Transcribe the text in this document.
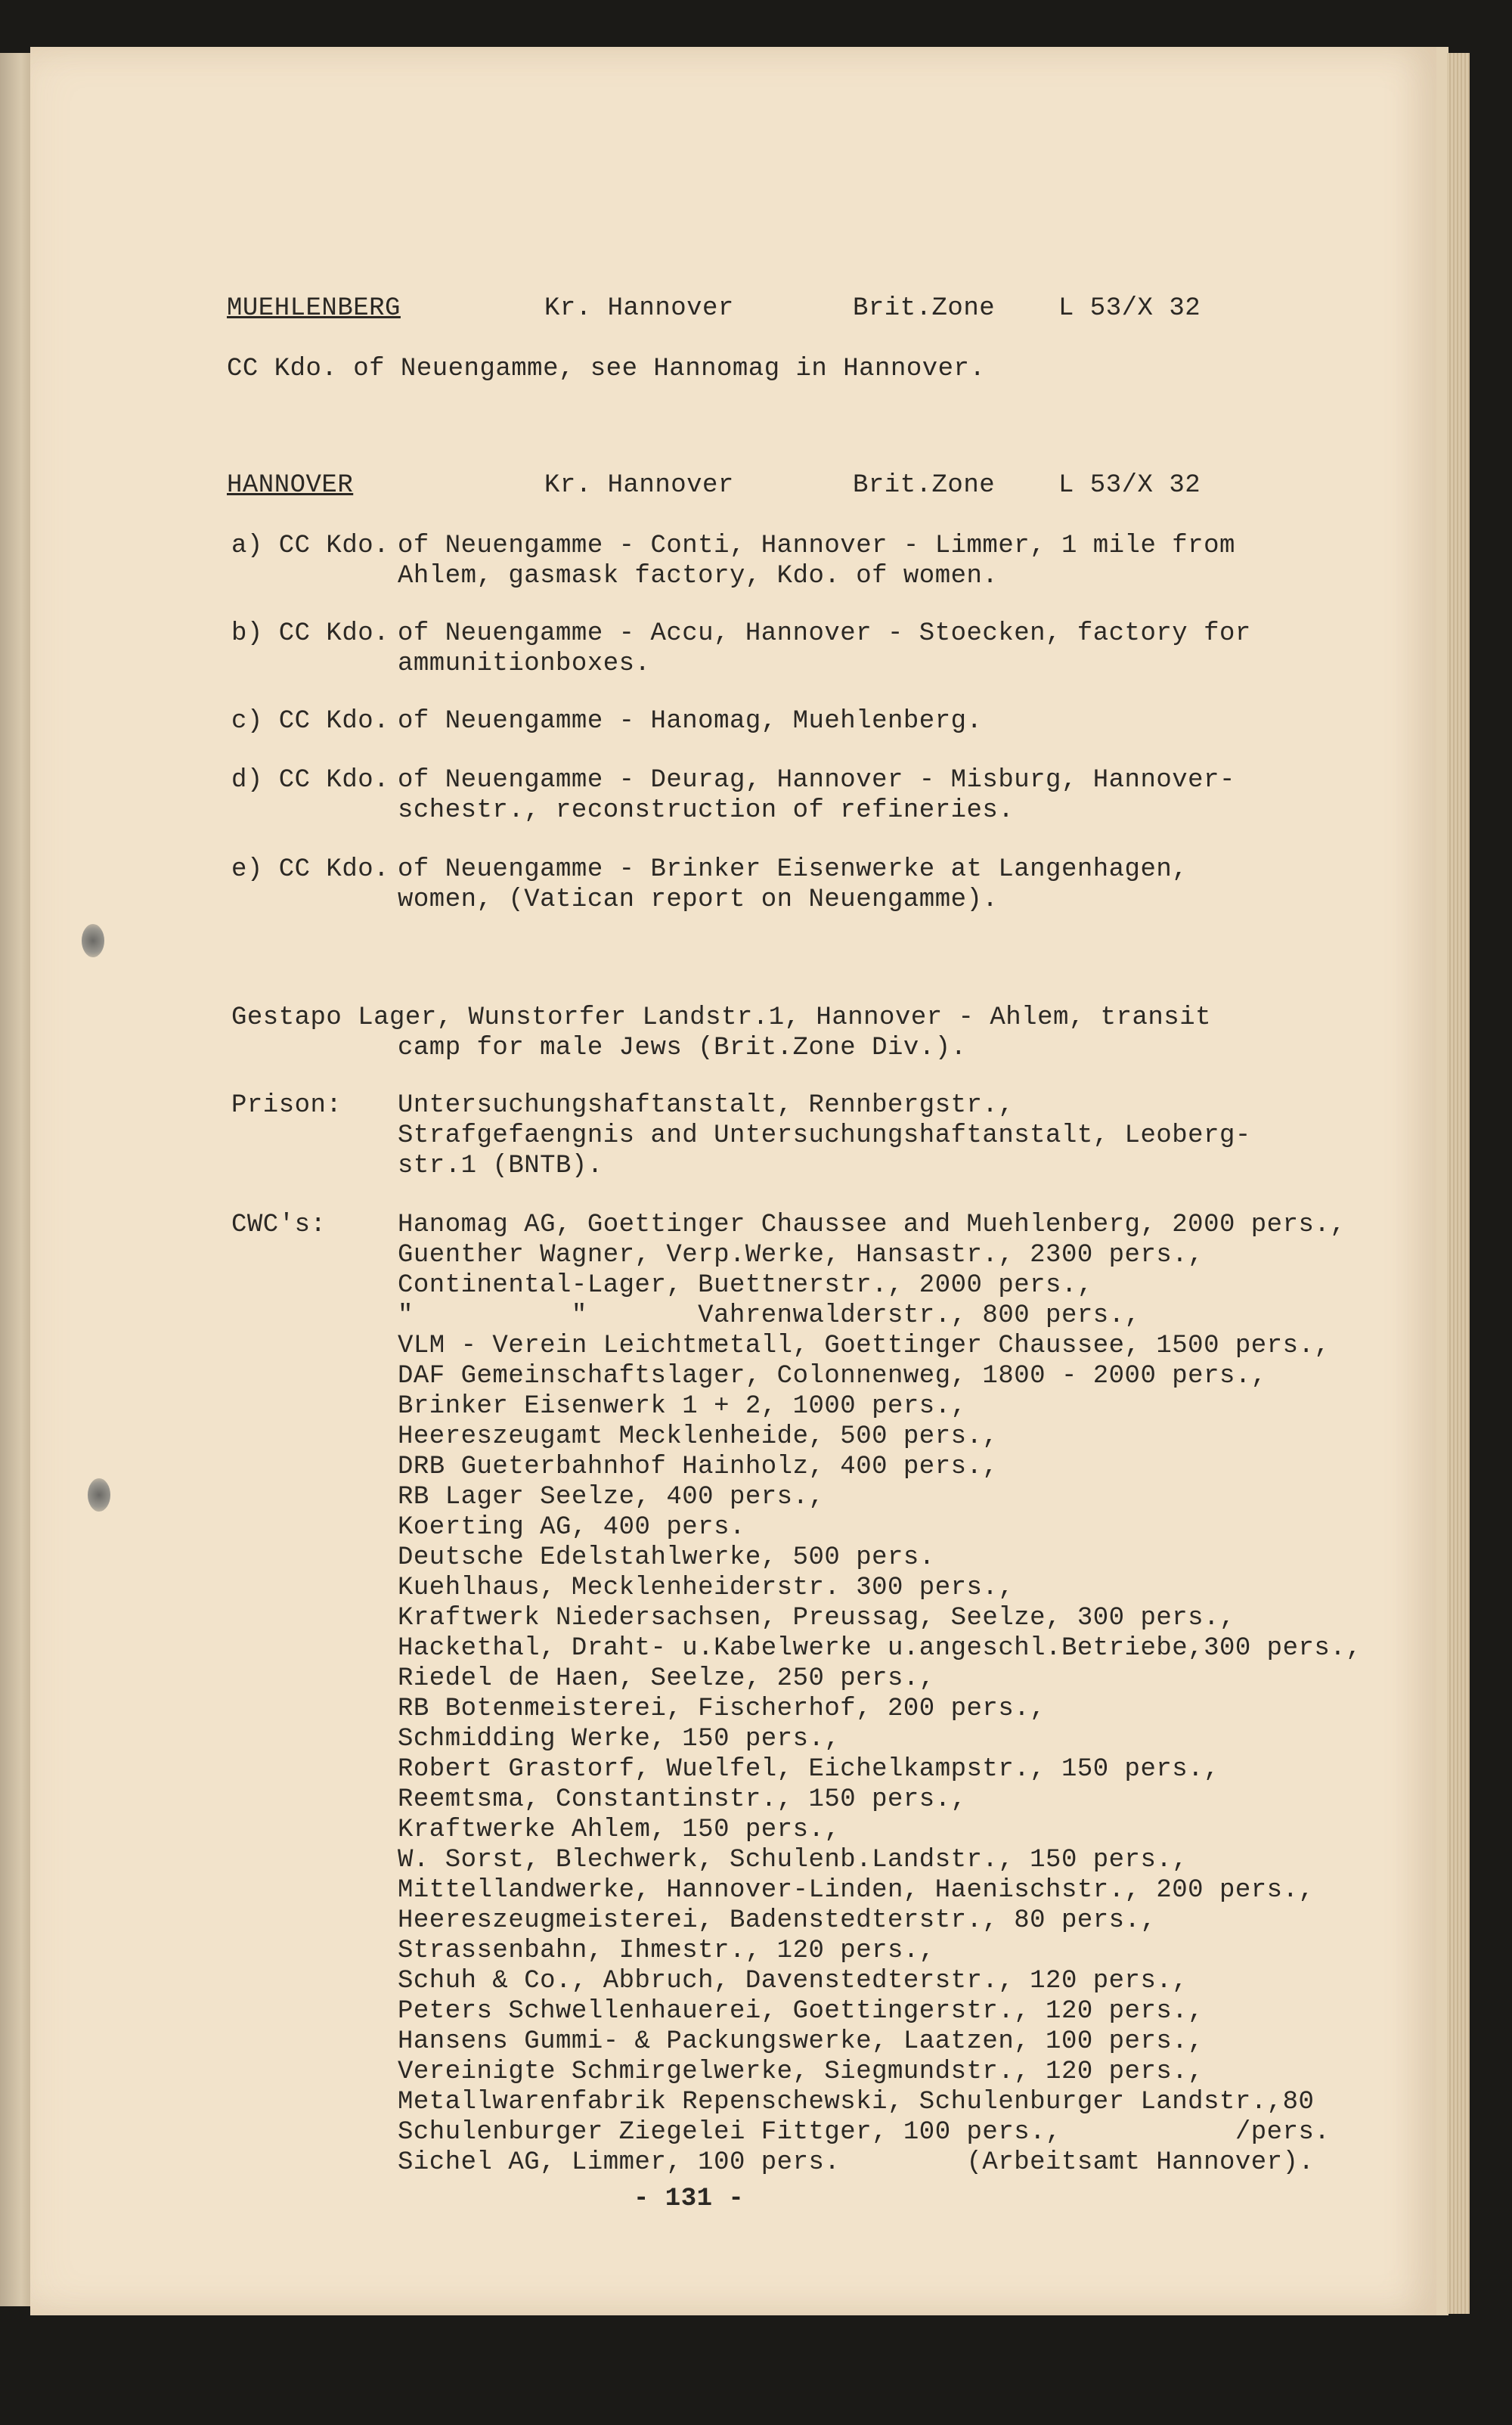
MUEHLENBERG	Kr. Hannover	Brit.Zone L 53/X 32
CC Kdo. of Neuengamme, see Hannomag in Hannover.
HANNOVER	Kr. Hannover	Brit.Zone L 53/X 32
a) CC Kdo. of Neuengamme - Conti, Hannover - Limmer, 1 mile from
Ahlem, gasmask factory, Kdo. of women.
b) CC Kdo. of Neuengamme - Accu, Hannover - Stoecken, factory for
ammunitionboxes.
c) CC Kdo. of Neuengamme - Hanomag, Muehlenberg.
d) CC Kdo. of Neuengamme - Deurag, Hannover - Misburg, Hannover-
schestr., reconstruction of refineries.
e) CC Kdo. of Neuengamme - Brinker Eisenwerke at Langenhagen,
women, (Vatican report on Neuengamme).
Gestapo Lager, Wunstorfer Landstr.1, Hannover - Ahlem, transit
camp for male Jews (Brit.Zone Div.).
Prison: Untersuchungshaftanstalt, Rennbergstr.,
Strafgefaengnis and Untersuchungshaftanstalt, Leoberg-
str.1 (BNTB).
CWC's:	Hanomag AG, Goettinger Chaussee and Muehlenberg, 2000 pers.,
Guenther Wagner, Verp.Werke, Hansastr., 2300 pers.,
Continental-Lager, Buettnerstr., 2000 pers.,
"          "       Vahrenwalderstr., 800 pers.,
VLM - Verein Leichtmetall, Goettinger Chaussee, 1500 pers.,
DAF Gemeinschaftslager, Colonnenweg, 1800 - 2000 pers.,
Brinker Eisenwerk 1 + 2, 1000 pers.,
Heereszeugamt Mecklenheide, 500 pers.,
DRB Gueterbahnhof Hainholz, 400 pers.,
RB Lager Seelze, 400 pers.,
Koerting AG, 400 pers.
Deutsche Edelstahlwerke, 500 pers.
Kuehlhaus, Mecklenheiderstr. 300 pers.,
Kraftwerk Niedersachsen, Preussag, Seelze, 300 pers.,
Hackethal, Draht- u.Kabelwerke u.angeschl.Betriebe,300 pers.,
Riedel de Haen, Seelze, 250 pers.,
RB Botenmeisterei, Fischerhof, 200 pers.,
Schmidding Werke, 150 pers.,
Robert Grastorf, Wuelfel, Eichelkampstr., 150 pers.,
Reemtsma, Constantinstr., 150 pers.,
Kraftwerke Ahlem, 150 pers.,
W. Sorst, Blechwerk, Schulenb.Landstr., 150 pers.,
Mittellandwerke, Hannover-Linden, Haenischstr., 200 pers.,
Heereszeugmeisterei, Badenstedterstr., 80 pers.,
Strassenbahn, Ihmestr., 120 pers.,
Schuh & Co., Abbruch, Davenstedterstr., 120 pers.,
Peters Schwellenhauerei, Goettingerstr., 120 pers.,
Hansens Gummi- & Packungswerke, Laatzen, 100 pers.,
Vereinigte Schmirgelwerke, Siegmundstr., 120 pers.,
Metallwarenfabrik Repenschewski, Schulenburger Landstr.,80
Schulenburger Ziegelei Fittger, 100 pers.,           /pers.
Sichel AG, Limmer, 100 pers.        (Arbeitsamt Hannover).
- 131 -
